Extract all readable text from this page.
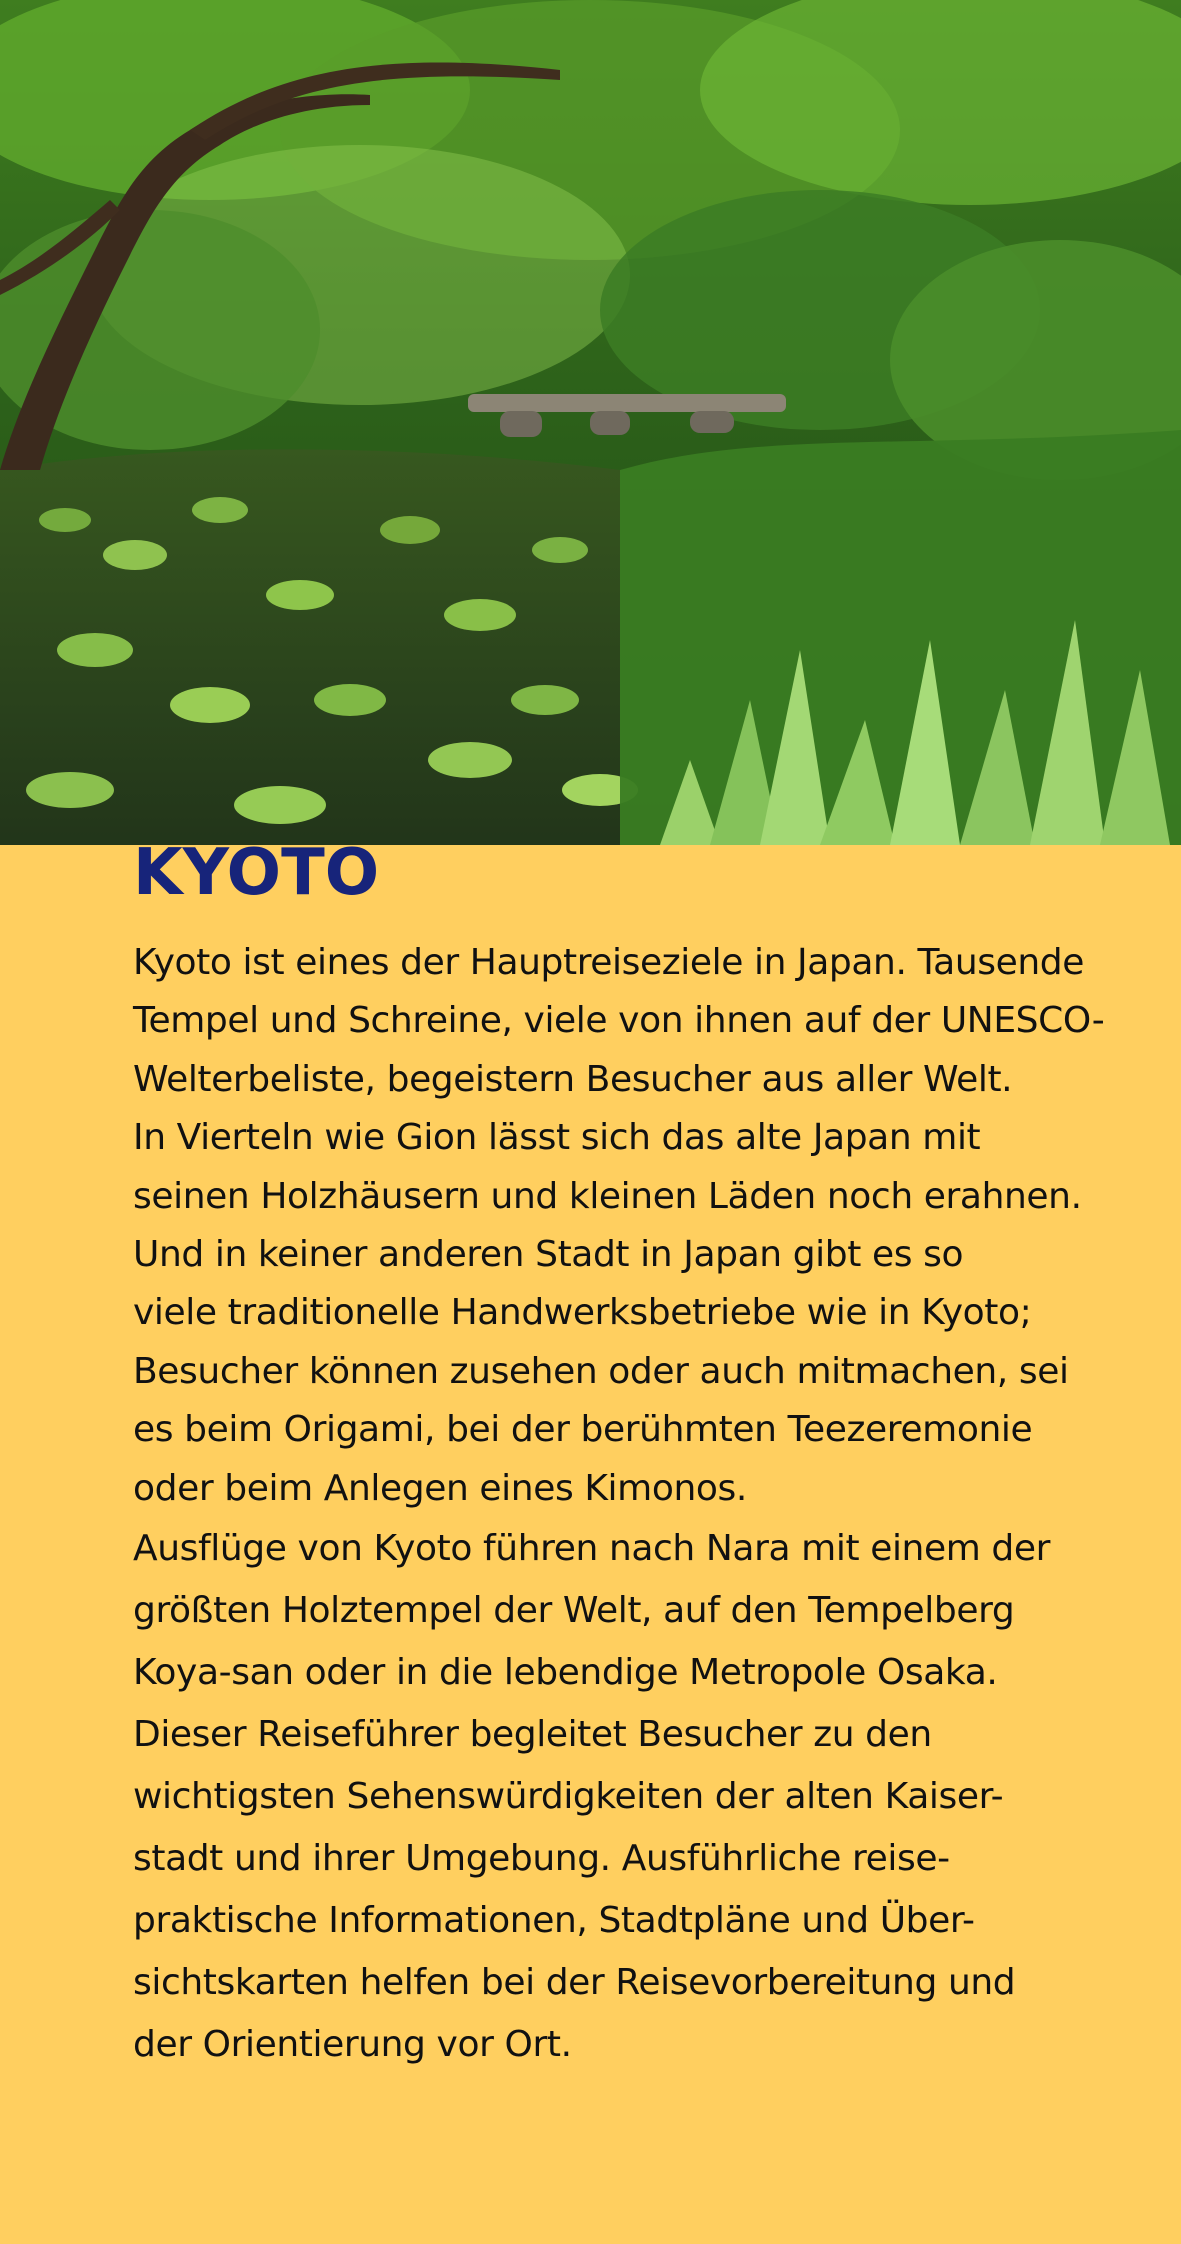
KYOTO
Kyoto ist eines der Hauptreiseziele in Japan. Tausende
Tempel und Schreine, viele von ihnen auf der UNESCO-
Welterbeliste, begeistern Besucher aus aller Welt.
In Vierteln wie Gion lässt sich das alte Japan mit
seinen Holzhäusern und kleinen Läden noch erahnen.
Und in keiner anderen Stadt in Japan gibt es so
viele traditionelle Handwerksbetriebe wie in Kyoto;
Besucher können zusehen oder auch mitmachen, sei
es beim Origami, bei der berühmten Teezeremonie
oder beim Anlegen eines Kimonos.
Ausflüge von Kyoto führen nach Nara mit einem der
größten Holztempel der Welt, auf den Tempelberg
Koya-san oder in die lebendige Metropole Osaka.
Dieser Reiseführer begleitet Besucher zu den
wichtigsten Sehenswürdigkeiten der alten Kaiser-
stadt und ihrer Umgebung. Ausführliche reise-
praktische Informationen, Stadtpläne und Über-
sichtskarten helfen bei der Reisevorbereitung und
der Orientierung vor Ort.
